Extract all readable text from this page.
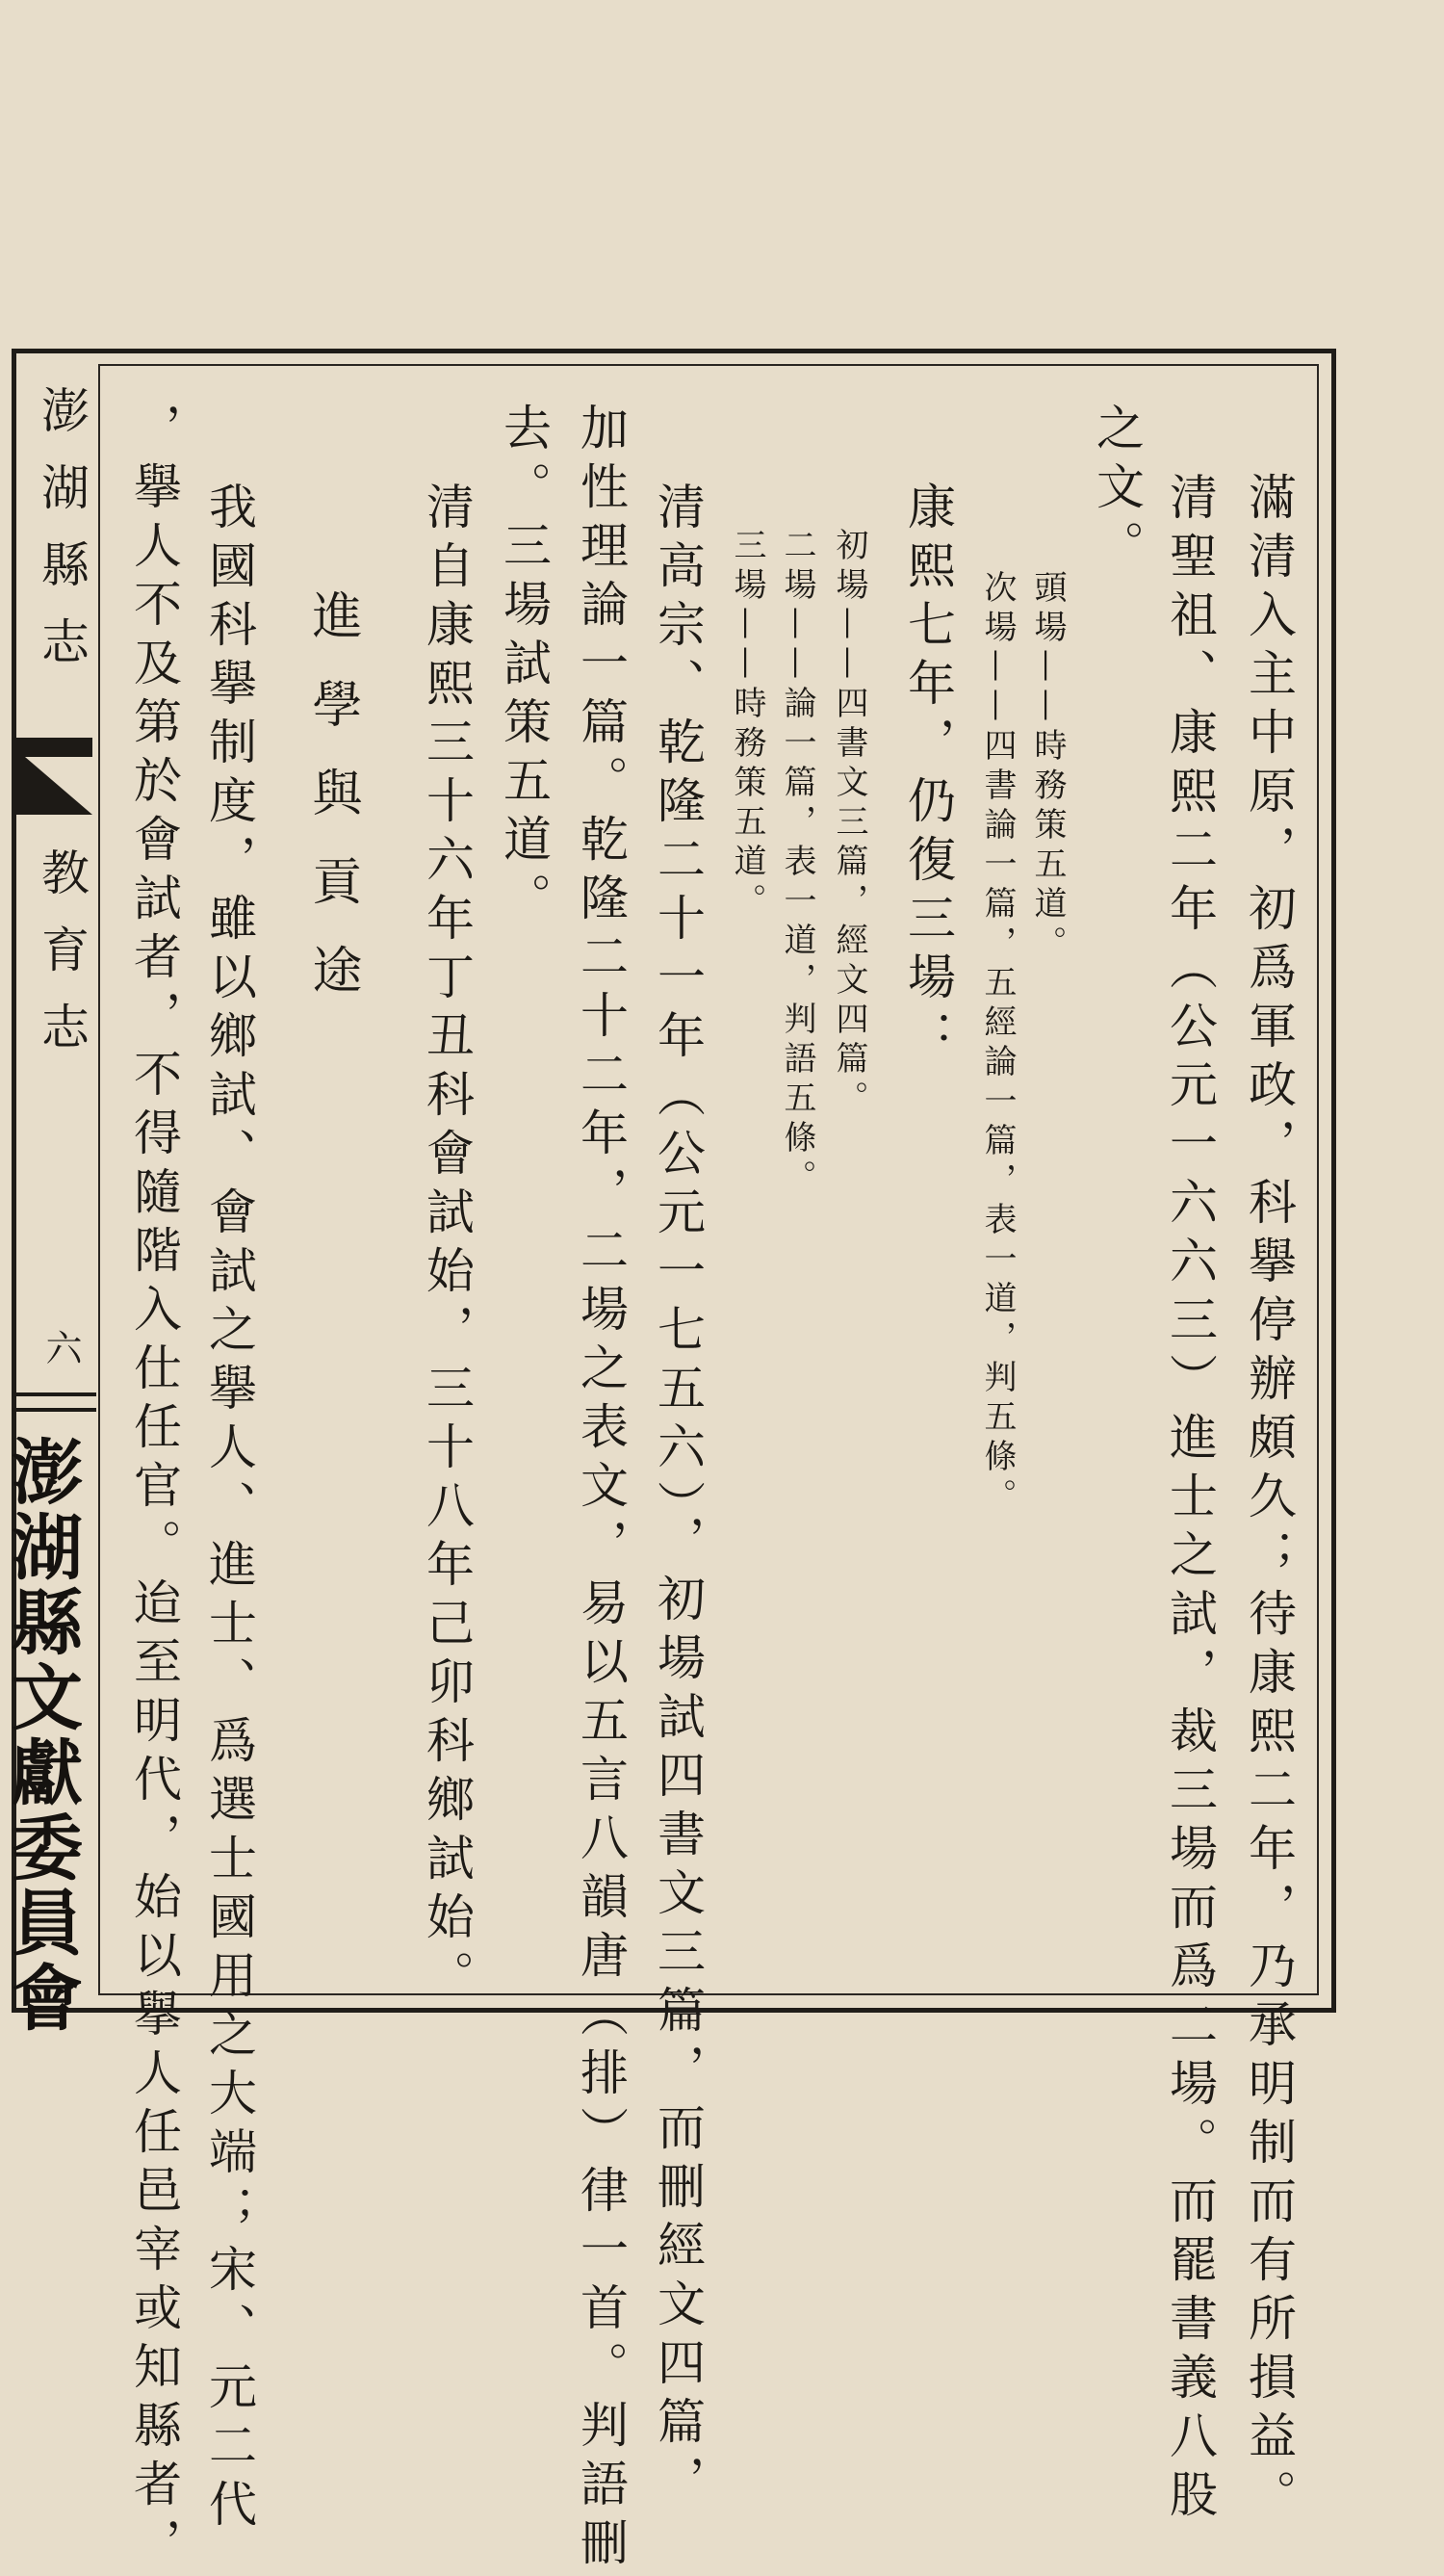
澎湖縣志
教育志
六
澎湖縣文獻委員會	滿清入主中原，初爲軍政，科擧停辦頗久；待康熙二年，乃承明制而有所損益。
清聖祖、康熙二年（公元一六六三）進士之試，裁三場而爲二場。而罷書義八股
之文。
頭場——時務策五道。
次場——四書論一篇，五經論一篇，表一道，判五條。
康熙七年，仍復三場：
初場——四書文三篇，經文四篇。
二場——論一篇，表一道，判語五條。
三場——時務策五道。
清高宗、乾隆二十一年（公元一七五六），初場試四書文三篇，而刪經文四篇，
加性理論一篇。乾隆二十二年，二場之表文，易以五言八韻唐（排）律一首。判語刪
去。三場試策五道。
清自康熙三十六年丁丑科會試始，三十八年己卯科鄉試始。
進學與貢途
我國科擧制度，雖以鄉試、會試之擧人、進士、爲選士國用之大端；宋、元二代
，擧人不及第於會試者，不得隨階入仕任官。迨至明代，始以擧人任邑宰或知縣者，
